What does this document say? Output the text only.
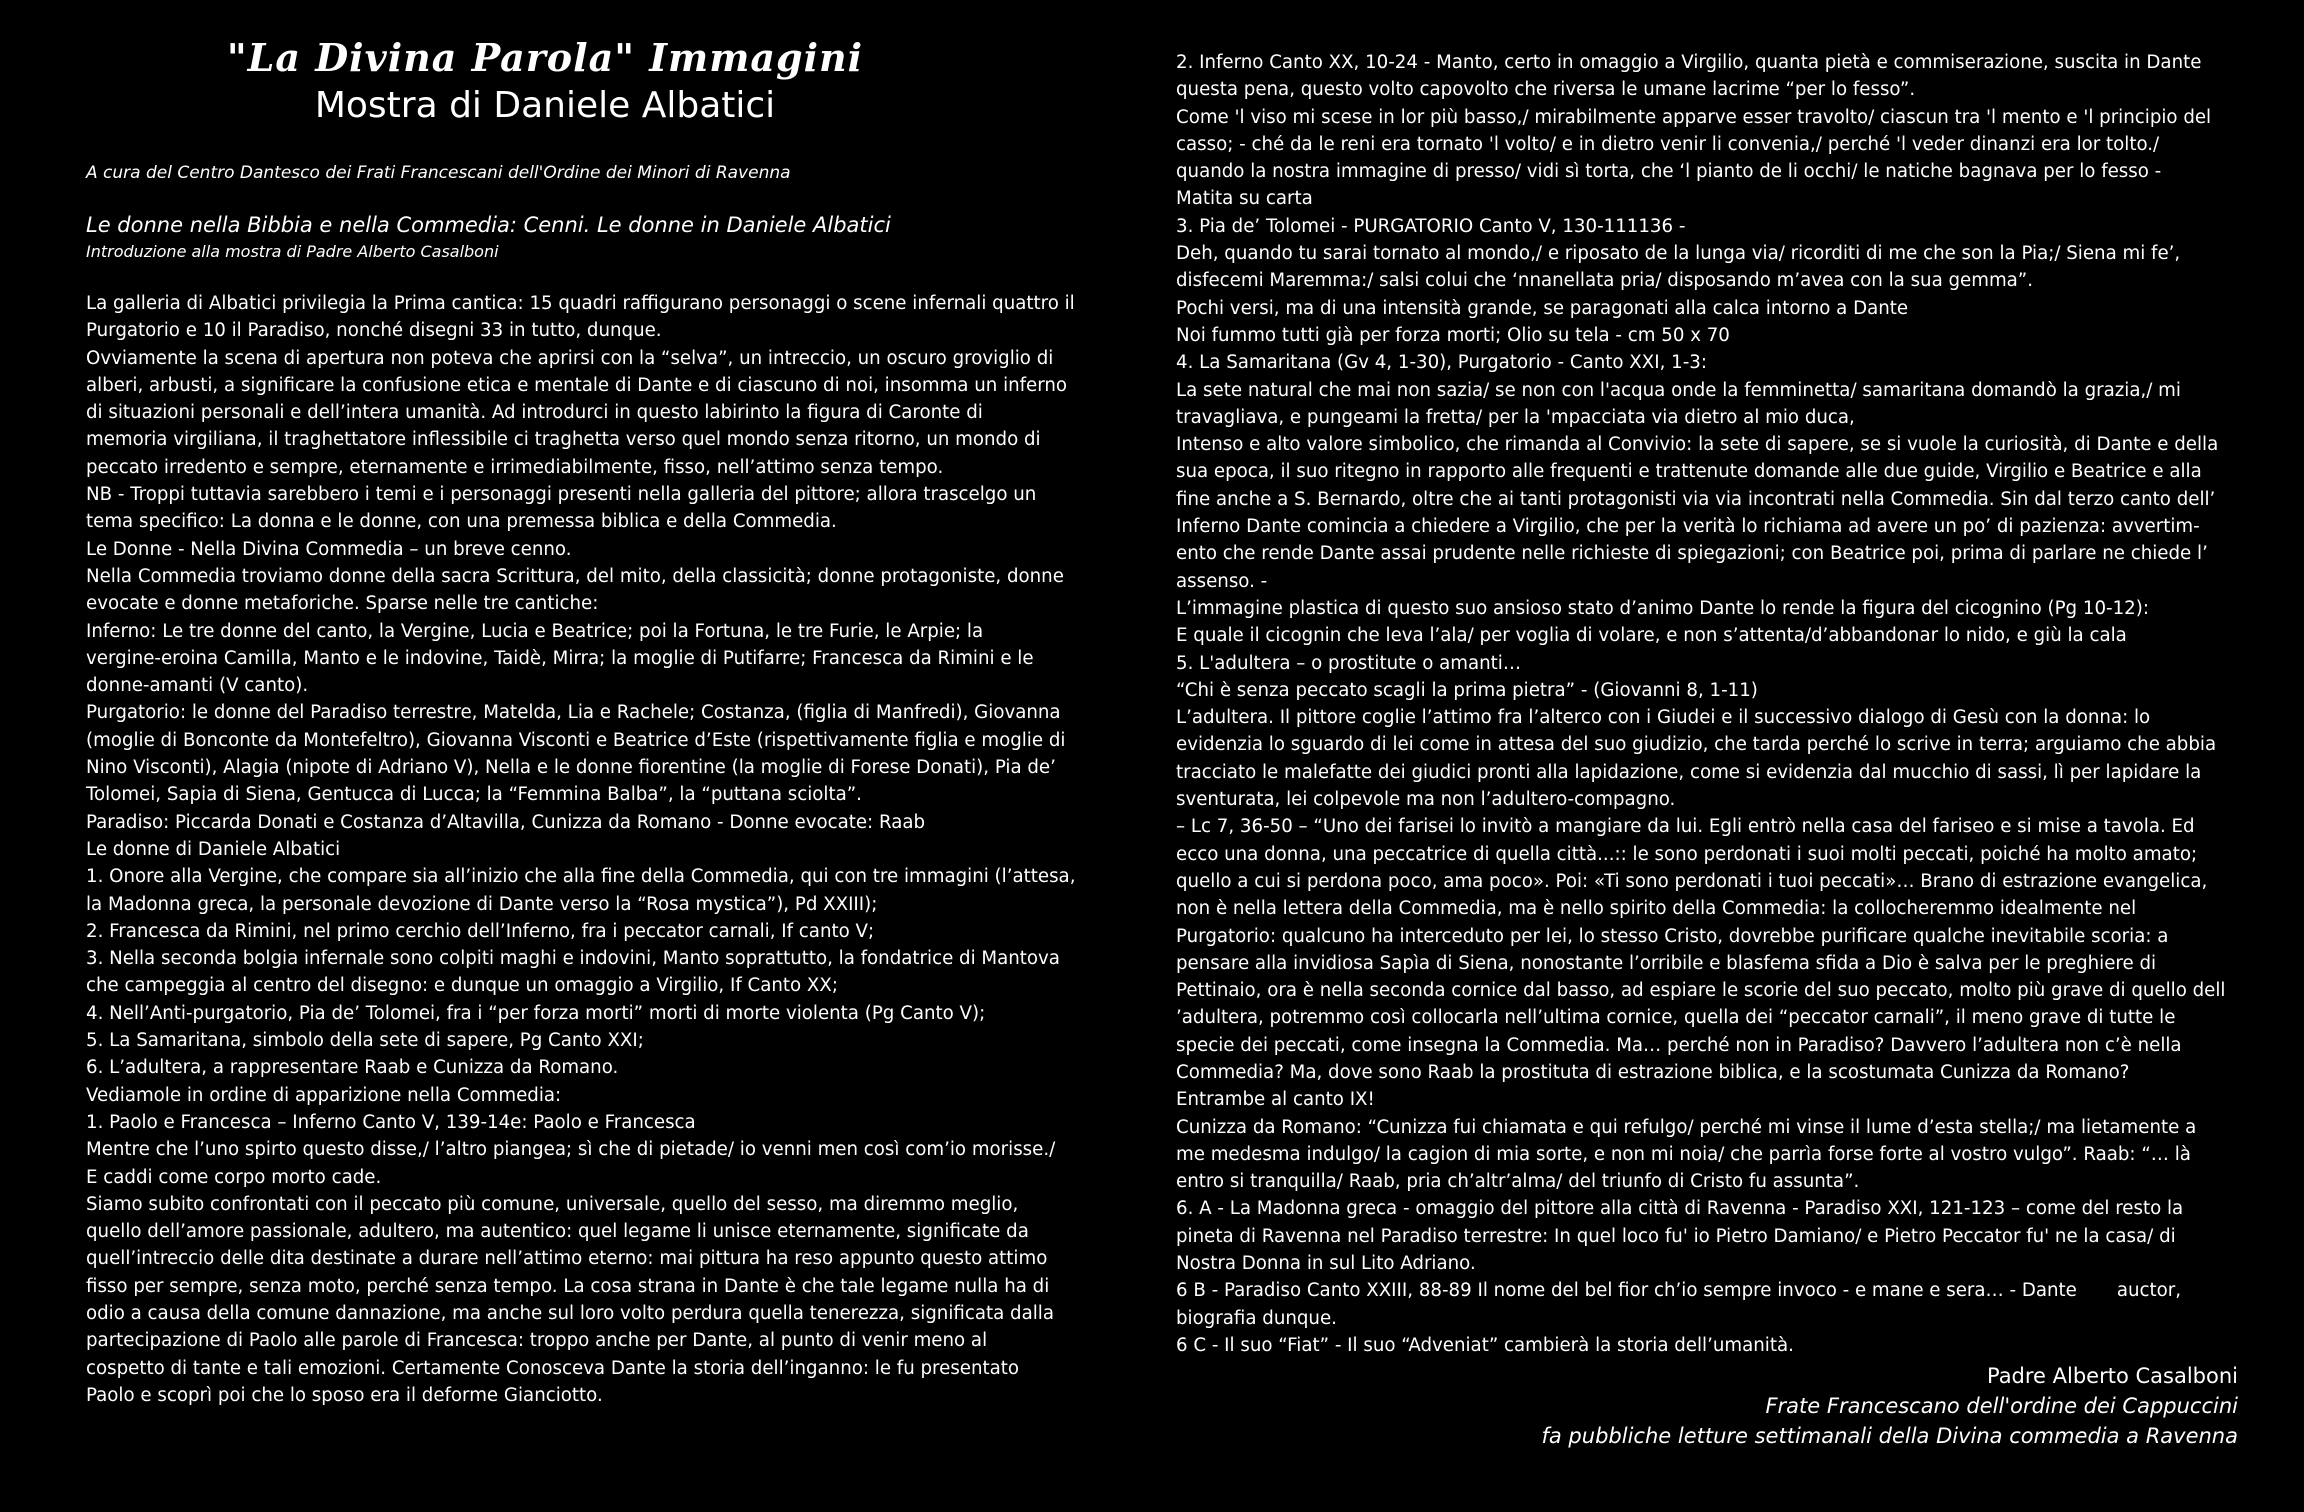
"La Divina Parola" Immagini
Mostra di Daniele Albatici
A cura del Centro Dantesco dei Frati Francescani dell'Ordine dei Minori di Ravenna
Le donne nella Bibbia e nella Commedia: Cenni. Le donne in Daniele Albatici
Introduzione alla mostra di Padre Alberto Casalboni
La galleria di Albatici privilegia la Prima cantica: 15 quadri raffigurano personaggi o scene infernali quattro il
Purgatorio e 10 il Paradiso, nonché disegni 33 in tutto, dunque.
Ovviamente la scena di apertura non poteva che aprirsi con la “selva”, un intreccio, un oscuro groviglio di
alberi, arbusti, a significare la confusione etica e mentale di Dante e di ciascuno di noi, insomma un inferno
di situazioni personali e dell’intera umanità. Ad introdurci in questo labirinto la figura di Caronte di
memoria virgiliana, il traghettatore inflessibile ci traghetta verso quel mondo senza ritorno, un mondo di
peccato irredento e sempre, eternamente e irrimediabilmente, fisso, nell’attimo senza tempo.
NB - Troppi tuttavia sarebbero i temi e i personaggi presenti nella galleria del pittore; allora trascelgo un
tema specifico: La donna e le donne, con una premessa biblica e della Commedia.
Le Donne - Nella Divina Commedia – un breve cenno.
Nella Commedia troviamo donne della sacra Scrittura, del mito, della classicità; donne protagoniste, donne
evocate e donne metaforiche. Sparse nelle tre cantiche:
Inferno: Le tre donne del canto, la Vergine, Lucia e Beatrice; poi la Fortuna, le tre Furie, le Arpie; la
vergine-eroina Camilla, Manto e le indovine, Taidè, Mirra; la moglie di Putifarre; Francesca da Rimini e le
donne-amanti (V canto).
Purgatorio: le donne del Paradiso terrestre, Matelda, Lia e Rachele; Costanza, (figlia di Manfredi), Giovanna
(moglie di Bonconte da Montefeltro), Giovanna Visconti e Beatrice d’Este (rispettivamente figlia e moglie di
Nino Visconti), Alagia (nipote di Adriano V), Nella e le donne fiorentine (la moglie di Forese Donati), Pia de’
Tolomei, Sapia di Siena, Gentucca di Lucca; la “Femmina Balba”, la “puttana sciolta”.
Paradiso: Piccarda Donati e Costanza d’Altavilla, Cunizza da Romano - Donne evocate: Raab
Le donne di Daniele Albatici
1. Onore alla Vergine, che compare sia all’inizio che alla fine della Commedia, qui con tre immagini (l’attesa,
la Madonna greca, la personale devozione di Dante verso la “Rosa mystica”), Pd XXIII);
2. Francesca da Rimini, nel primo cerchio dell’Inferno, fra i peccator carnali, If canto V;
3. Nella seconda bolgia infernale sono colpiti maghi e indovini, Manto soprattutto, la fondatrice di Mantova
che campeggia al centro del disegno: e dunque un omaggio a Virgilio, If Canto XX;
4. Nell’Anti-purgatorio, Pia de’ Tolomei, fra i “per forza morti” morti di morte violenta (Pg Canto V);
5. La Samaritana, simbolo della sete di sapere, Pg Canto XXI;
6. L’adultera, a rappresentare Raab e Cunizza da Romano.
Vediamole in ordine di apparizione nella Commedia:
1. Paolo e Francesca – Inferno Canto V, 139-14e: Paolo e Francesca
Mentre che l’uno spirto questo disse,/ l’altro piangea; sì che di pietade/ io venni men così com’io morisse./
E caddi come corpo morto cade.
Siamo subito confrontati con il peccato più comune, universale, quello del sesso, ma diremmo meglio,
quello dell’amore passionale, adultero, ma autentico: quel legame li unisce eternamente, significate da
quell’intreccio delle dita destinate a durare nell’attimo eterno: mai pittura ha reso appunto questo attimo
fisso per sempre, senza moto, perché senza tempo. La cosa strana in Dante è che tale legame nulla ha di
odio a causa della comune dannazione, ma anche sul loro volto perdura quella tenerezza, significata dalla
partecipazione di Paolo alle parole di Francesca: troppo anche per Dante, al punto di venir meno al
cospetto di tante e tali emozioni. Certamente Conosceva Dante la storia dell’inganno: le fu presentato
Paolo e scoprì poi che lo sposo era il deforme Gianciotto.
2. Inferno Canto XX, 10-24 - Manto, certo in omaggio a Virgilio, quanta pietà e commiserazione, suscita in Dante
questa pena, questo volto capovolto che riversa le umane lacrime “per lo fesso”.
Come 'l viso mi scese in lor più basso,/ mirabilmente apparve esser travolto/ ciascun tra 'l mento e 'l principio del
casso; - ché da le reni era tornato 'l volto/ e in dietro venir li convenia,/ perché 'l veder dinanzi era lor tolto./
quando la nostra immagine di presso/ vidi sì torta, che ‘l pianto de li occhi/ le natiche bagnava per lo fesso -
Matita su carta
3. Pia de’ Tolomei - PURGATORIO Canto V, 130-111136 -
Deh, quando tu sarai tornato al mondo,/ e riposato de la lunga via/ ricorditi di me che son la Pia;/ Siena mi fe’,
disfecemi Maremma:/ salsi colui che ‘nnanellata pria/ disposando m’avea con la sua gemma”.
Pochi versi, ma di una intensità grande, se paragonati alla calca intorno a Dante
Noi fummo tutti già per forza morti; Olio su tela - cm 50 x 70
4. La Samaritana (Gv 4, 1-30), Purgatorio - Canto XXI, 1-3:
La sete natural che mai non sazia/ se non con l'acqua onde la femminetta/ samaritana domandò la grazia,/ mi
travagliava, e pungeami la fretta/ per la 'mpacciata via dietro al mio duca,
Intenso e alto valore simbolico, che rimanda al Convivio: la sete di sapere, se si vuole la curiosità, di Dante e della
sua epoca, il suo ritegno in rapporto alle frequenti e trattenute domande alle due guide, Virgilio e Beatrice e alla
fine anche a S. Bernardo, oltre che ai tanti protagonisti via via incontrati nella Commedia. Sin dal terzo canto dell’
Inferno Dante comincia a chiedere a Virgilio, che per la verità lo richiama ad avere un po’ di pazienza: avvertim-
ento che rende Dante assai prudente nelle richieste di spiegazioni; con Beatrice poi, prima di parlare ne chiede l’
assenso. -
L’immagine plastica di questo suo ansioso stato d’animo Dante lo rende la figura del cicognino (Pg 10-12):
E quale il cicognin che leva l’ala/ per voglia di volare, e non s’attenta/d’abbandonar lo nido, e giù la cala
5. L'adultera – o prostitute o amanti…
“Chi è senza peccato scagli la prima pietra” - (Giovanni 8, 1-11)
L’adultera. Il pittore coglie l’attimo fra l’alterco con i Giudei e il successivo dialogo di Gesù con la donna: lo
evidenzia lo sguardo di lei come in attesa del suo giudizio, che tarda perché lo scrive in terra; arguiamo che abbia
tracciato le malefatte dei giudici pronti alla lapidazione, come si evidenzia dal mucchio di sassi, lì per lapidare la
sventurata, lei colpevole ma non l’adultero-compagno.
– Lc 7, 36-50 – “Uno dei farisei lo invitò a mangiare da lui. Egli entrò nella casa del fariseo e si mise a tavola. Ed
ecco una donna, una peccatrice di quella città...:: le sono perdonati i suoi molti peccati, poiché ha molto amato;
quello a cui si perdona poco, ama poco». Poi: «Ti sono perdonati i tuoi peccati»… Brano di estrazione evangelica,
non è nella lettera della Commedia, ma è nello spirito della Commedia: la collocheremmo idealmente nel
Purgatorio: qualcuno ha interceduto per lei, lo stesso Cristo, dovrebbe purificare qualche inevitabile scoria: a
pensare alla invidiosa Sapìa di Siena, nonostante l’orribile e blasfema sfida a Dio è salva per le preghiere di
Pettinaio, ora è nella seconda cornice dal basso, ad espiare le scorie del suo peccato, molto più grave di quello dell
’adultera, potremmo così collocarla nell’ultima cornice, quella dei “peccator carnali”, il meno grave di tutte le
specie dei peccati, come insegna la Commedia. Ma… perché non in Paradiso? Davvero l’adultera non c’è nella
Commedia? Ma, dove sono Raab la prostituta di estrazione biblica, e la scostumata Cunizza da Romano?
Entrambe al canto IX!
Cunizza da Romano: “Cunizza fui chiamata e qui refulgo/ perché mi vinse il lume d’esta stella;/ ma lietamente a
me medesma indulgo/ la cagion di mia sorte, e non mi noia/ che parrìa forse forte al vostro vulgo”. Raab: “… là
entro si tranquilla/ Raab, pria ch’altr’alma/ del triunfo di Cristo fu assunta”.
6. A - La Madonna greca - omaggio del pittore alla città di Ravenna - Paradiso XXI, 121-123 – come del resto la
pineta di Ravenna nel Paradiso terrestre: In quel loco fu' io Pietro Damiano/ e Pietro Peccator fu' ne la casa/ di
Nostra Donna in sul Lito Adriano.
6 B - Paradiso Canto XXIII, 88-89 Il nome del bel fior ch’io sempre invoco - e mane e sera… - Dante auctor,
biografia dunque.
6 C - Il suo “Fiat” - Il suo “Adveniat” cambierà la storia dell’umanità.
Padre Alberto Casalboni
Frate Francescano dell'ordine dei Cappuccini
fa pubbliche letture settimanali della Divina commedia a Ravenna
